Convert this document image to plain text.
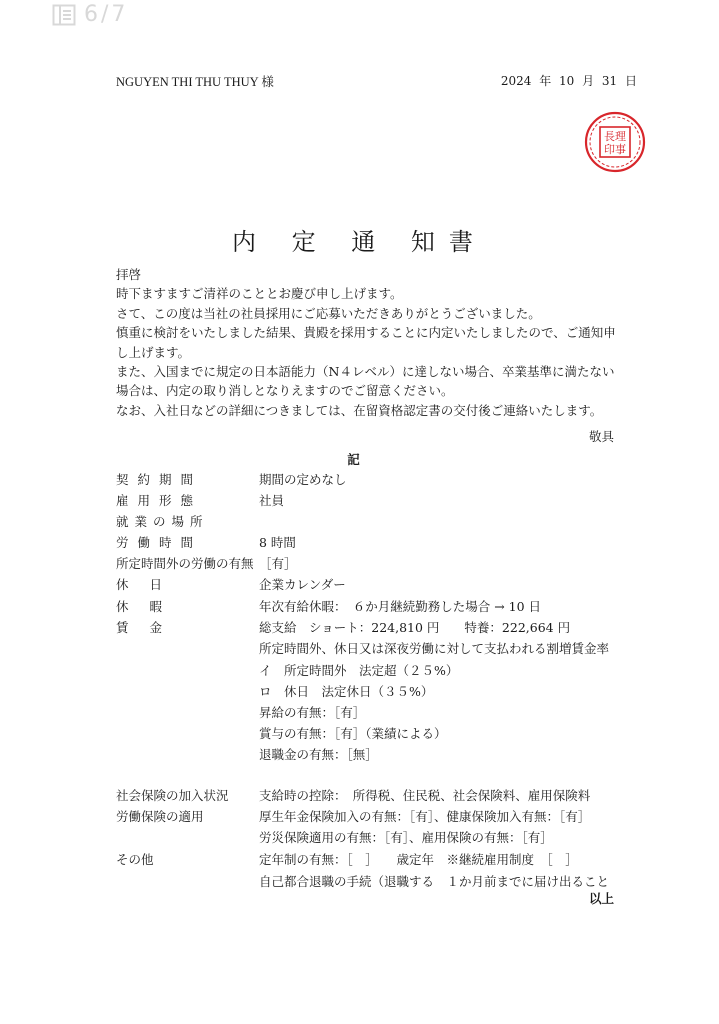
6/7
NGUYEN THI THU THUY 様	2024 年 10 月 31 日
長理
印事
内 定 通 知書

拝啓

時下ますますご清祥のこととお慶び申し上げます。

さて、この度は当社の社員採用にご応募いただきありがとうございました。

慎重に検討をいたしました結果、貴殿を採用することに内定いたしましたので、ご通知申

し上げます。

また、入国までに規定の日本語能力（N４レベル）に達しない場合、卒業基準に満たない

場合は、内定の取り消しとなりえますのでご留意ください。

なお、入社日などの詳細につきましては、在留資格認定書の交付後ご連絡いたします。

敬具
記
契約期間	期間の定めなし
雇用形態	社員
就業の場所
労働時間	8 時間
所定時間外の労働の有無 ［有］
休日	企業カレンダー
休暇	年次有給休暇：　６か月継続勤務した場合 → 10 日
賃金	総支給　ショート：224,810 円　　特養：222,664 円
所定時間外、休日又は深夜労働に対して支払われる割増賃金率
イ　所定時間外　法定超（２５%）
ロ　休日　法定休日（３５%）
昇給の有無：［有］
賞与の有無：［有］（業績による）
退職金の有無：［無］
社会保険の加入状況	支給時の控除：　所得税、住民税、社会保険料、雇用保険料
労働保険の適用	厚生年金保険加入の有無：［有］、健康保険加入有無：［有］
労災保険適用の有無：［有］、雇用保険の有無：［有］
その他	定年制の有無：［　］　　歳定年　※継続雇用制度　［　］
自己都合退職の手続（退職する　１か月前までに届け出ること
以上
